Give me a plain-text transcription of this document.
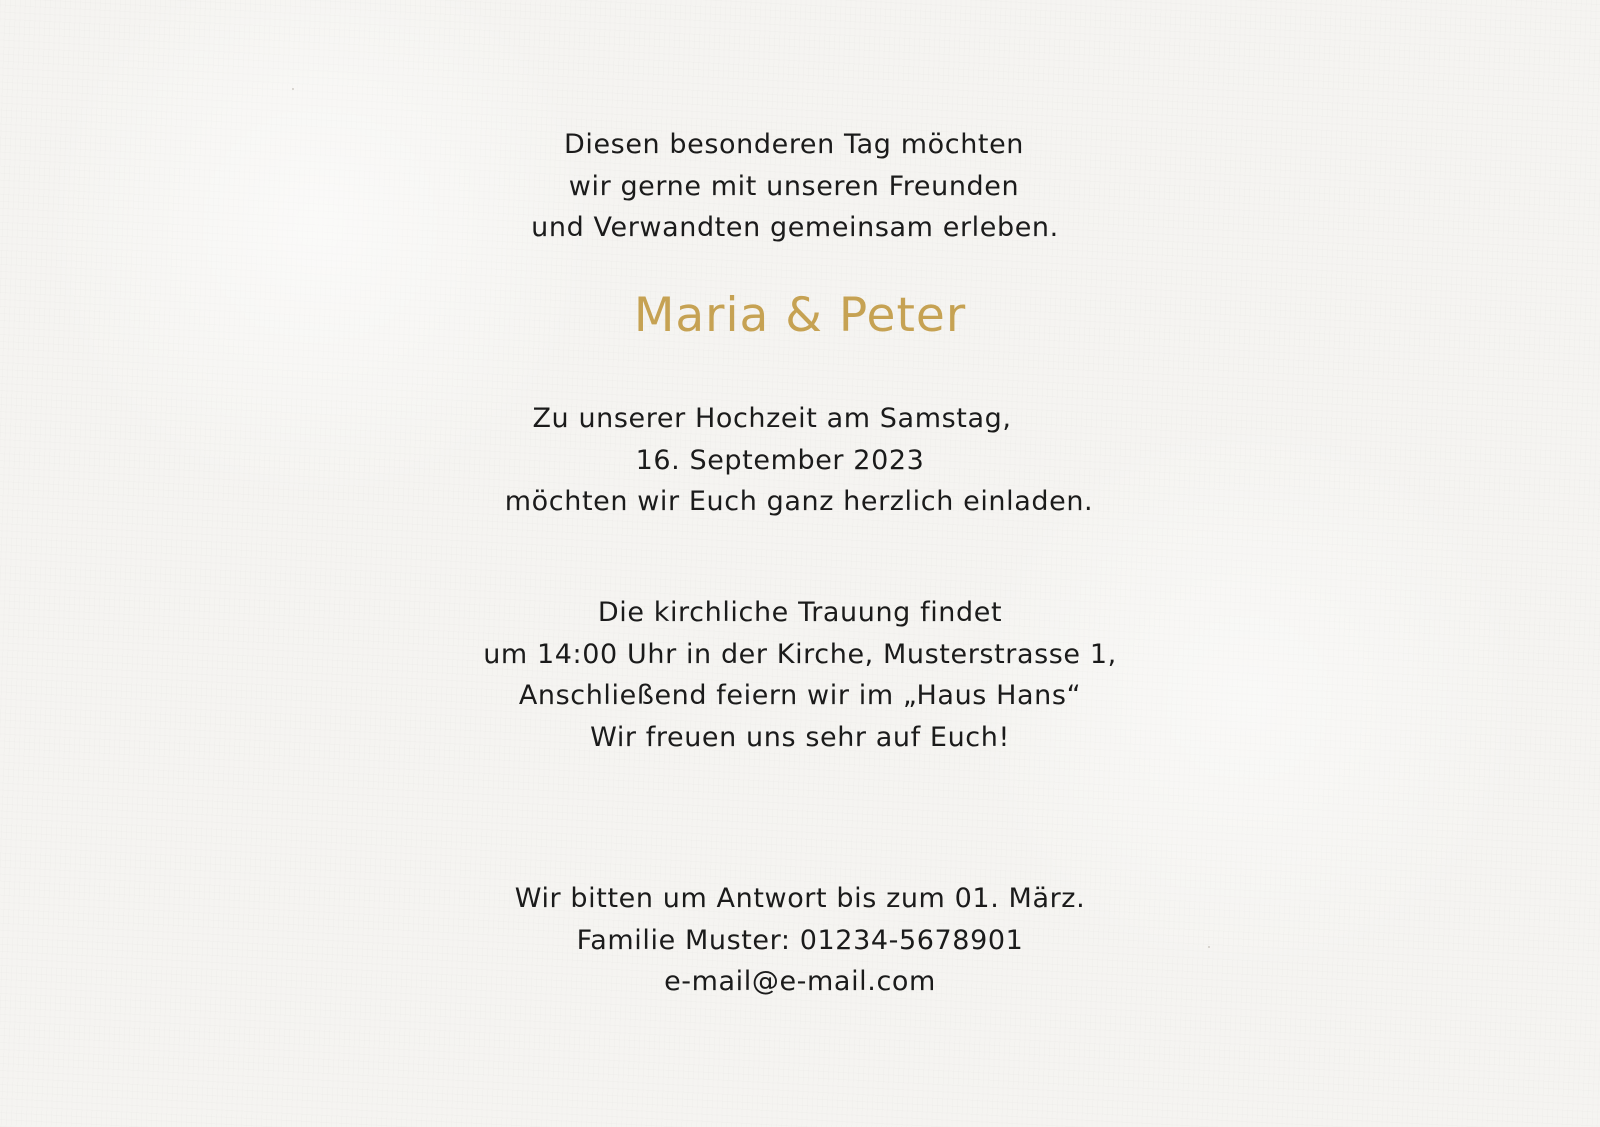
Diesen besonderen Tag möchten
wir gerne mit unseren Freunden
und Verwandten gemeinsam erleben.
Maria & Peter
Zu unserer Hochzeit am Samstag,
16. September 2023
möchten wir Euch ganz herzlich einladen.
Die kirchliche Trauung findet
um 14:00 Uhr in der Kirche, Musterstrasse 1,
Anschließend feiern wir im „Haus Hans“
Wir freuen uns sehr auf Euch!
Wir bitten um Antwort bis zum 01. März.
Familie Muster: 01234-5678901
e-mail@e-mail.com
